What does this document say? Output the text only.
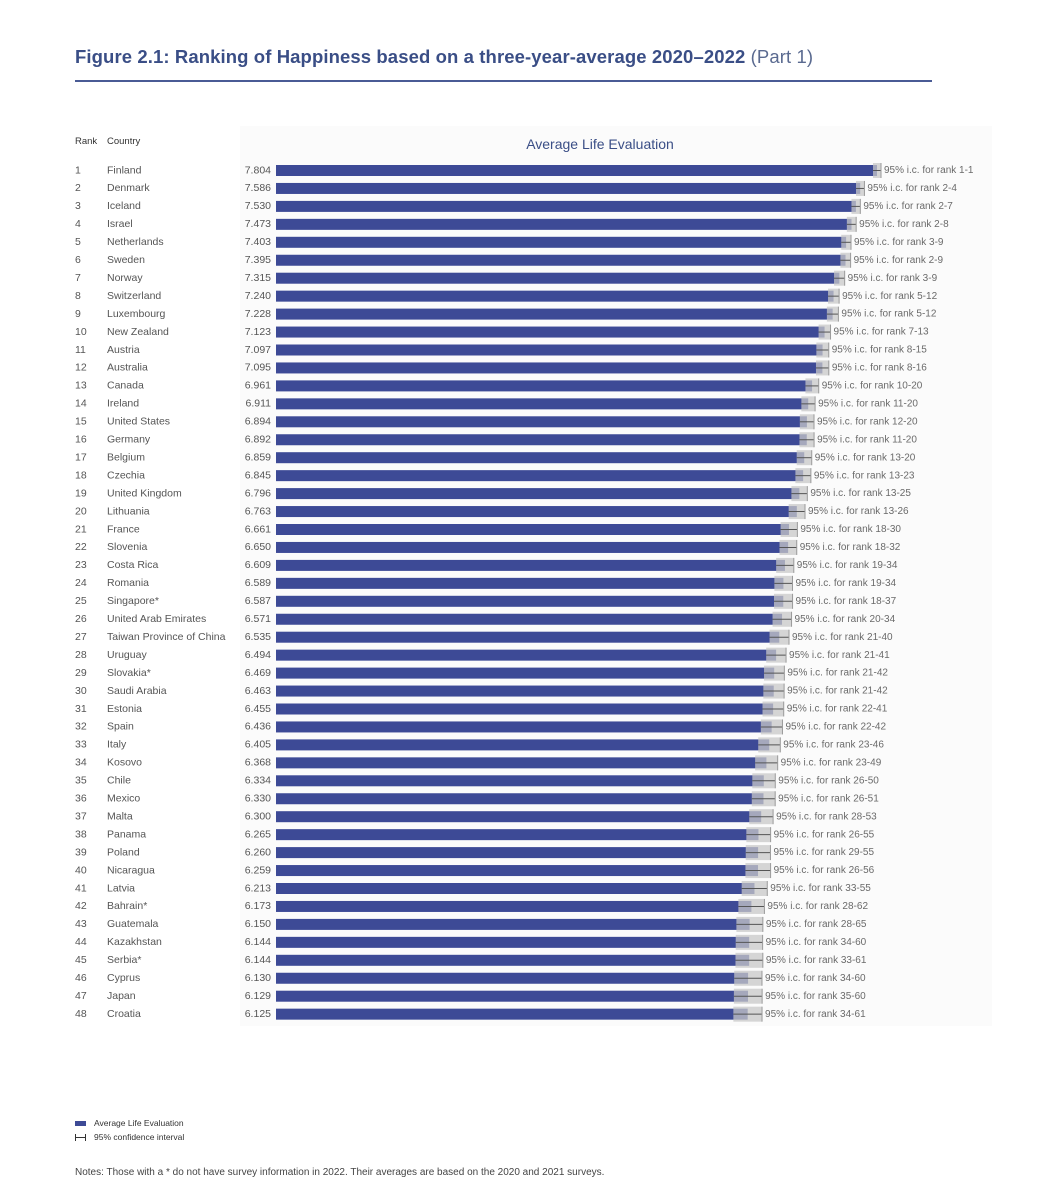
Figure 2.1: Ranking of Happiness based on a three-year-average 2020–2022 (Part 1)
Rank Country	Average Life Evaluation
1 Finland	7.804	95% i.c. for rank 1-1
2 Denmark	7.586	95% i.c. for rank 2-4
3 Iceland	7.530	95% i.c. for rank 2-7
4 Israel	7.473	95% i.c. for rank 2-8
5 Netherlands	7.403	95% i.c. for rank 3-9
6 Sweden	7.395	95% i.c. for rank 2-9
7 Norway	7.315	95% i.c. for rank 3-9
8 Switzerland	7.240	95% i.c. for rank 5-12
9 Luxembourg	7.228	95% i.c. for rank 5-12
10 New Zealand	7.123	95% i.c. for rank 7-13
11 Austria	7.097	95% i.c. for rank 8-15
12 Australia	7.095	95% i.c. for rank 8-16
13 Canada	6.961	95% i.c. for rank 10-20
14 Ireland	6.911	95% i.c. for rank 11-20
15 United States	6.894	95% i.c. for rank 12-20
16 Germany	6.892	95% i.c. for rank 11-20
17 Belgium	6.859	95% i.c. for rank 13-20
18 Czechia	6.845	95% i.c. for rank 13-23
19 United Kingdom	6.796	95% i.c. for rank 13-25
20 Lithuania	6.763	95% i.c. for rank 13-26
21 France	6.661	95% i.c. for rank 18-30
22 Slovenia	6.650	95% i.c. for rank 18-32
23 Costa Rica	6.609	95% i.c. for rank 19-34
24 Romania	6.589	95% i.c. for rank 19-34
25 Singapore*	6.587	95% i.c. for rank 18-37
26 United Arab Emirates	6.571	95% i.c. for rank 20-34
27 Taiwan Province of China 6.535	95% i.c. for rank 21-40
28 Uruguay	6.494	95% i.c. for rank 21-41
29 Slovakia*	6.469	95% i.c. for rank 21-42
30 Saudi Arabia	6.463	95% i.c. for rank 21-42
31 Estonia	6.455	95% i.c. for rank 22-41
32 Spain	6.436	95% i.c. for rank 22-42
33 Italy	6.405	95% i.c. for rank 23-46
34 Kosovo	6.368	95% i.c. for rank 23-49
35 Chile	6.334	95% i.c. for rank 26-50
36 Mexico	6.330	95% i.c. for rank 26-51
37 Malta	6.300	95% i.c. for rank 28-53
38 Panama	6.265	95% i.c. for rank 26-55
39 Poland	6.260	95% i.c. for rank 29-55
40 Nicaragua	6.259	95% i.c. for rank 26-56
41 Latvia	6.213	95% i.c. for rank 33-55
42 Bahrain*	6.173	95% i.c. for rank 28-62
43 Guatemala	6.150	95% i.c. for rank 28-65
44 Kazakhstan	6.144	95% i.c. for rank 34-60
45 Serbia*	6.144	95% i.c. for rank 33-61
46 Cyprus	6.130	95% i.c. for rank 34-60
47 Japan	6.129	95% i.c. for rank 35-60
48 Croatia	6.125	95% i.c. for rank 34-61
Average Life Evaluation
95% confidence interval
Notes: Those with a * do not have survey information in 2022. Their averages are based on the 2020 and 2021 surveys.
